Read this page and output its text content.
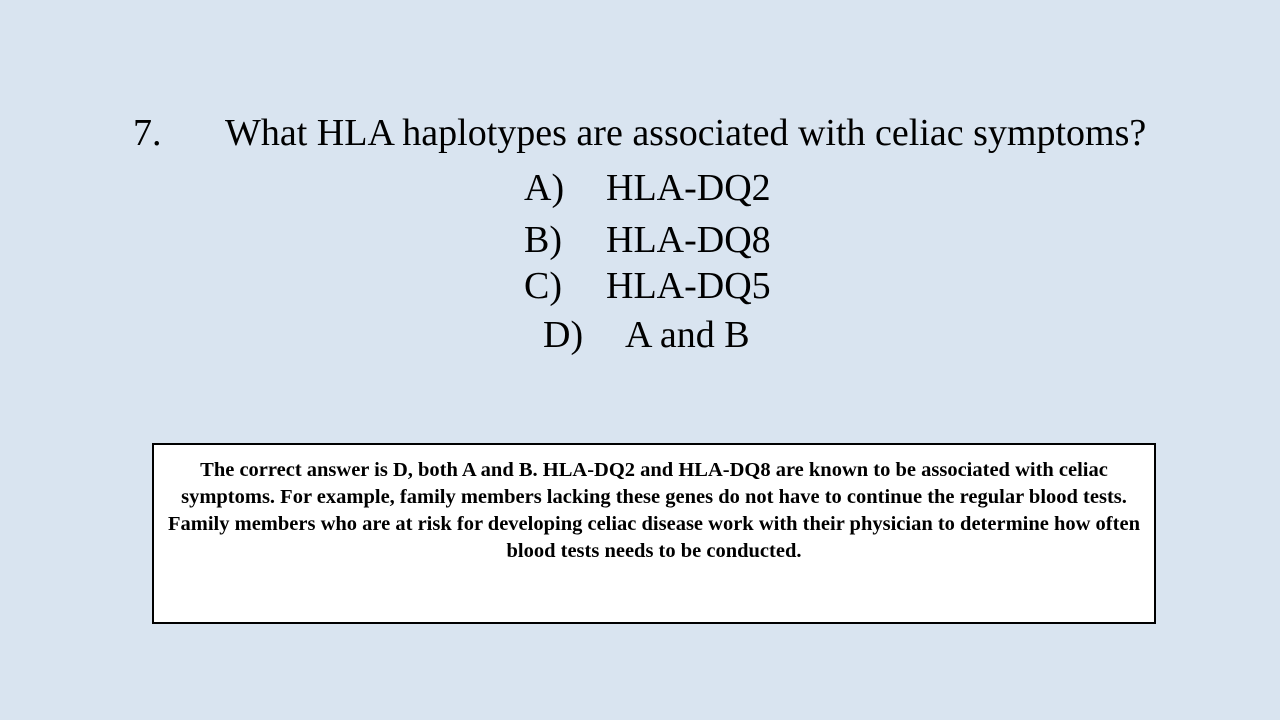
7. What HLA haplotypes are associated with celiac symptoms?
A) HLA-DQ2
B) HLA-DQ8
C) HLA-DQ5
D) A and B
The correct answer is D, both A and B. HLA-DQ2 and HLA-DQ8 are known to be associated with celiac symptoms. For example, family members lacking these genes do not have to continue the regular blood tests. Family members who are at risk for developing celiac disease work with their physician to determine how often blood tests needs to be conducted.
